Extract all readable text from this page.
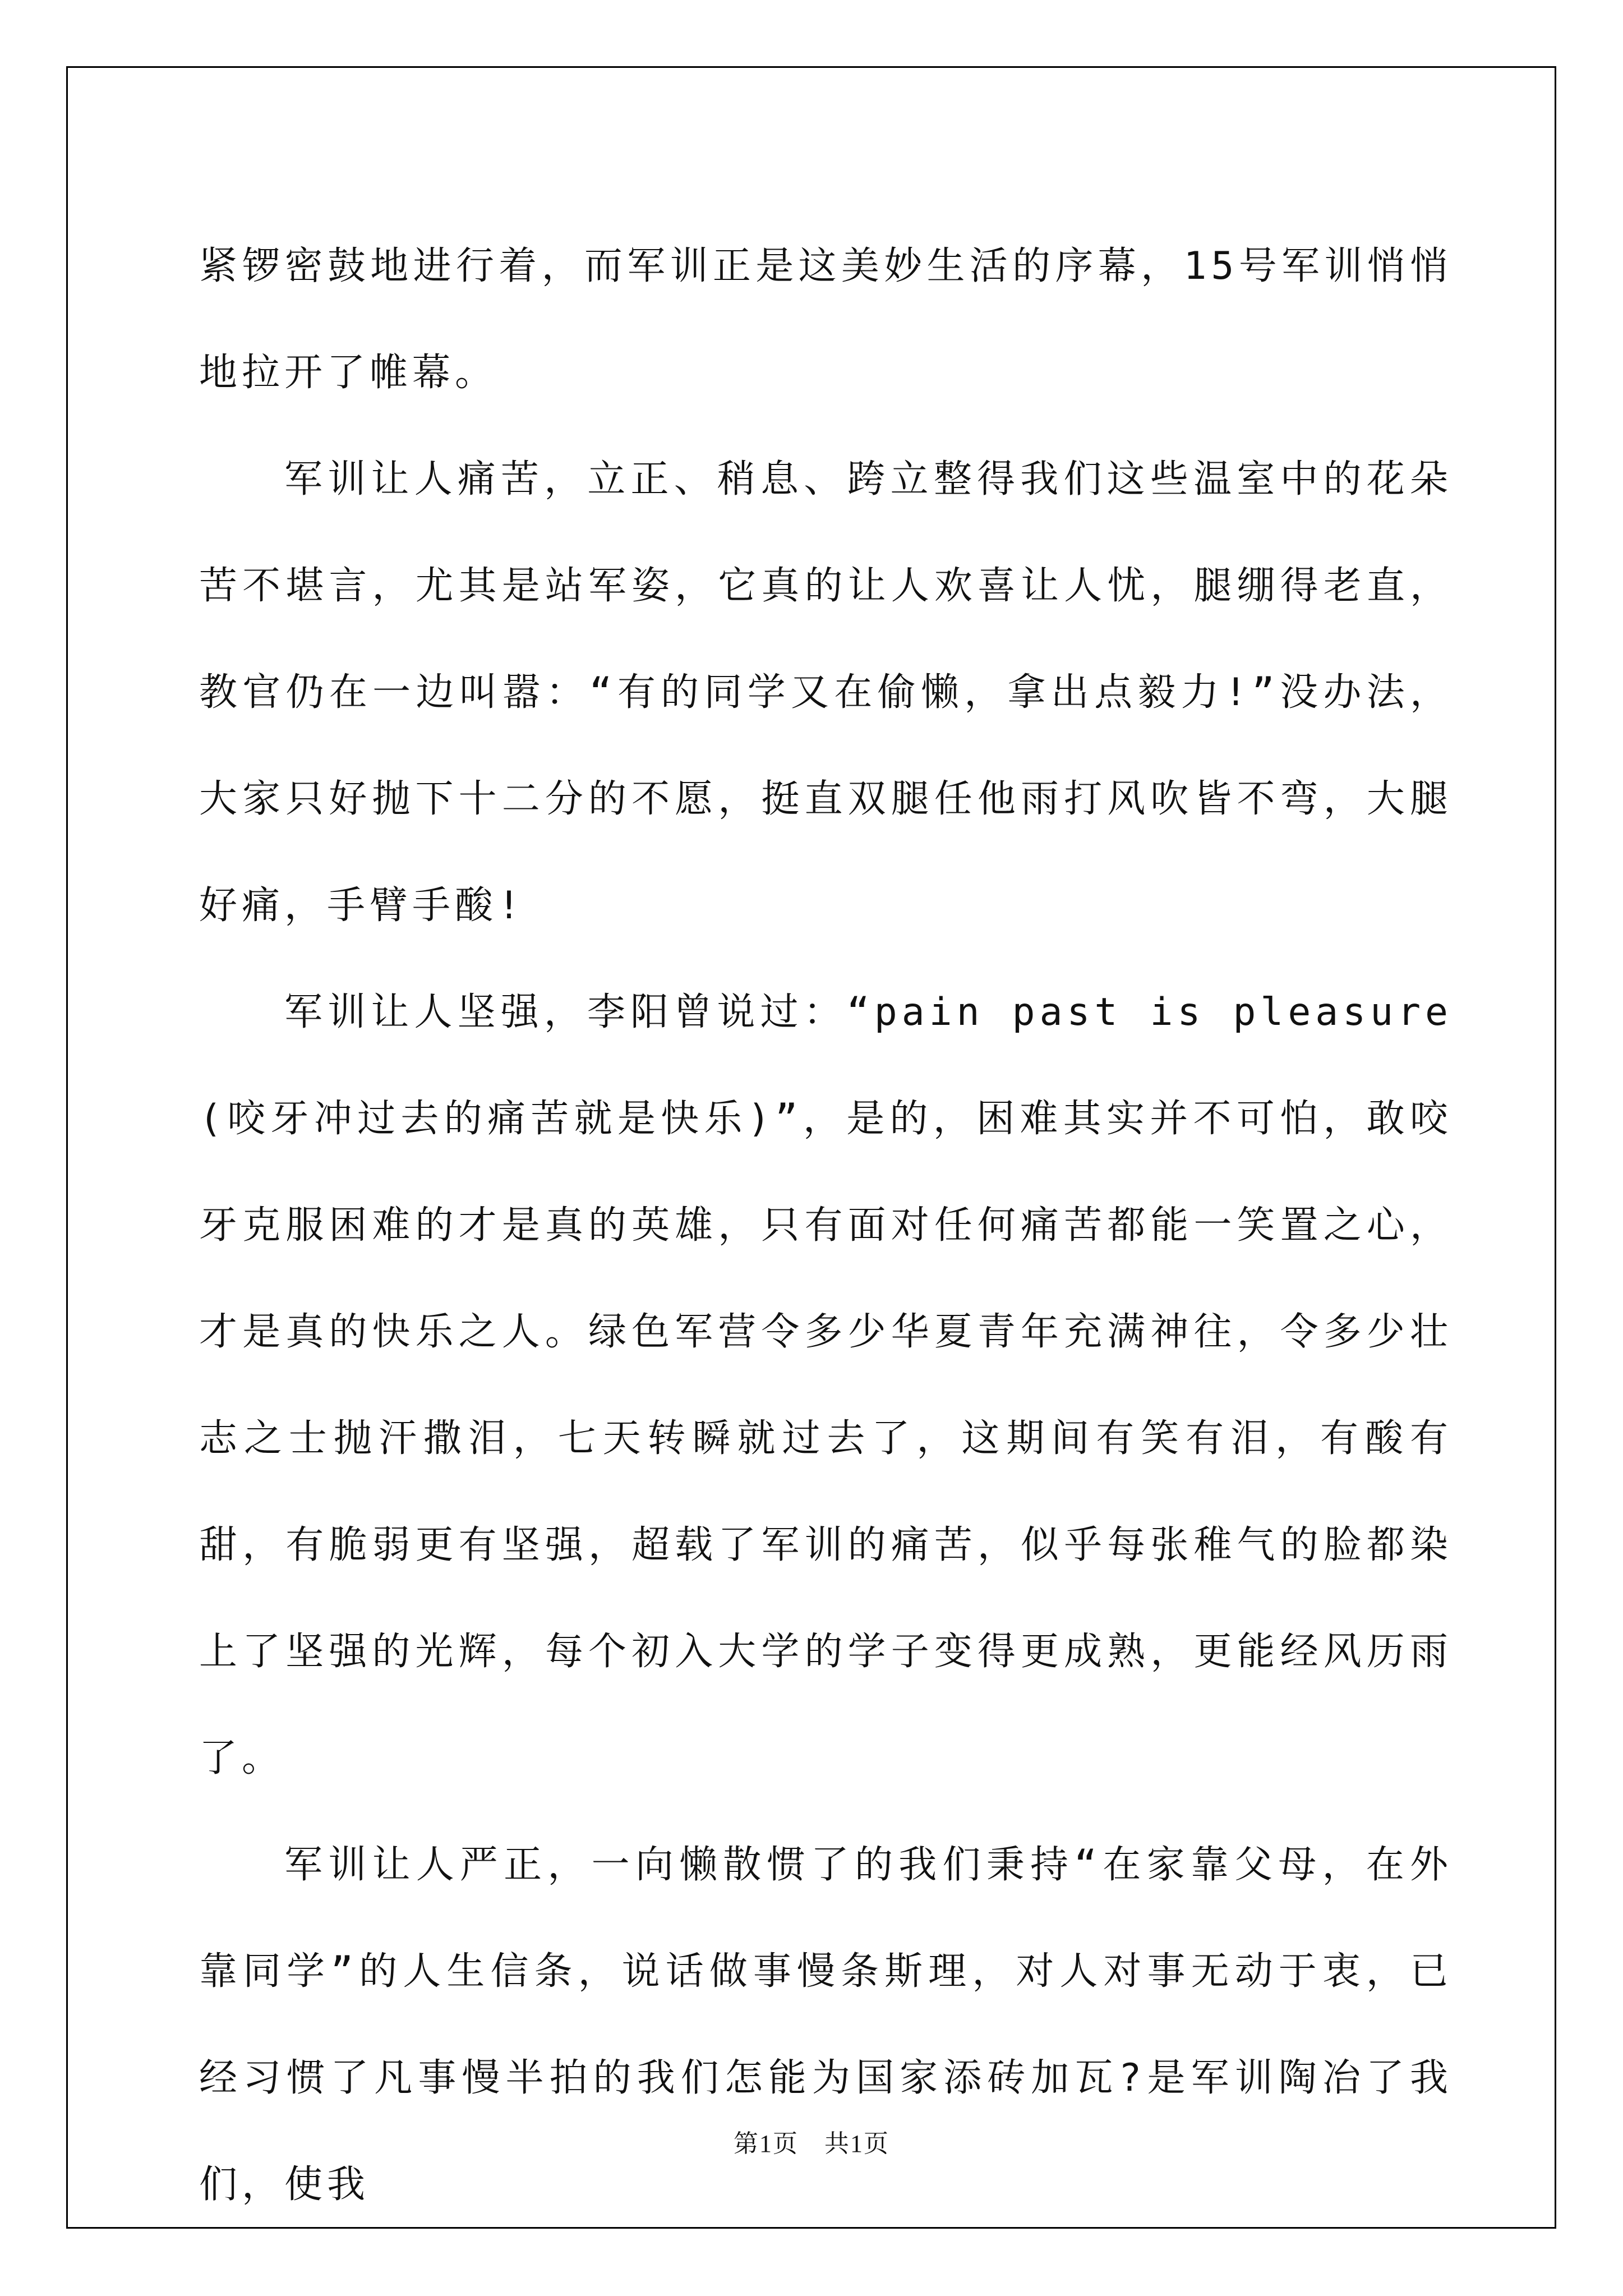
紧锣密鼓地进行着，而军训正是这美妙生活的序幕，15号军训悄悄地拉开了帷幕。

军训让人痛苦，立正、稍息、跨立整得我们这些温室中的花朵苦不堪言，尤其是站军姿，它真的让人欢喜让人忧，腿绷得老直，教官仍在一边叫嚣：“有的同学又在偷懒，拿出点毅力!”没办法，大家只好抛下十二分的不愿，挺直双腿任他雨打风吹皆不弯，大腿好痛，手臂手酸!

军训让人坚强，李阳曾说过：“pain past is pleasure(咬牙冲过去的痛苦就是快乐)”，是的，困难其实并不可怕，敢咬牙克服困难的才是真的英雄，只有面对任何痛苦都能一笑置之心，才是真的快乐之人。绿色军营令多少华夏青年充满神往，令多少壮志之士抛汗撒泪，七天转瞬就过去了，这期间有笑有泪，有酸有甜，有脆弱更有坚强，超载了军训的痛苦，似乎每张稚气的脸都染上了坚强的光辉，每个初入大学的学子变得更成熟，更能经风历雨了。

军训让人严正，一向懒散惯了的我们秉持“在家靠父母，在外靠同学”的人生信条，说话做事慢条斯理，对人对事无动于衷，已经习惯了凡事慢半拍的我们怎能为国家添砖加瓦?是军训陶冶了我们，使我

第1页　共1页
